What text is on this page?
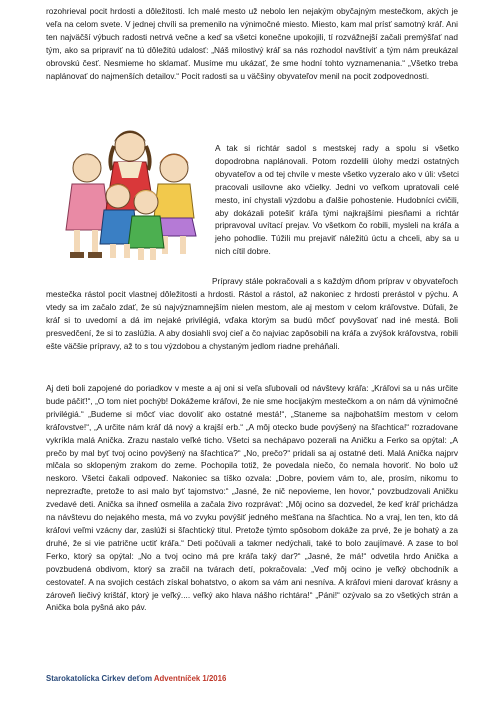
rozohrieval pocit hrdosti a dôležitosti. Ich malé mesto už nebolo len nejakým obyčajným mestečkom, akých je veľa na celom svete. V jednej chvíli sa premenilo na výnimočné miesto. Miesto, kam mal prísť samotný kráľ. Ani ten najväčší výbuch radosti netrvá večne a keď sa všetci konečne upokojili, tí rozvážnejší začali premýšľať nad tým, ako sa pripraviť na tú dôležitú udalosť: „Náš milostivý kráľ sa nás rozhodol navštíviť a tým nám preukázal obrovskú česť. Nesmieme ho sklamať. Musíme mu ukázať, že sme hodní tohto vyznamenania.“ „Všetko treba naplánovať do najmenších detailov.“ Pocit radosti sa u väčšiny obyvateľov menil na pocit zodpovednosti.

A tak si richtár sadol s mestskej rady a spolu si všetko dopodrobna naplánovali. Potom rozdelili úlohy medzi ostatných obyvateľov a od tej chvíle v meste všetko vyzeralo ako v úli: všetci pracovali usilovne ako včielky. Jedni vo veľkom upratovali celé mesto, iní chystali výzdobu a ďalšie pohostenie. Hudobníci cvičili, aby dokázali potešiť kráľa tými najkrajšími piesňami a richtár pripravoval uvítací prejav. Vo všetkom čo robili, mysleli na kráľa a jeho pohodlie. Túžili mu prejaviť náležitú úctu a chceli, aby sa u nich cítil dobre.

Prípravy stále pokračovali a s každým dňom príprav v obyvateľoch mestečka rástol pocit vlastnej dôležitosti a hrdosti. Rástol a rástol, až nakoniec z hrdosti prerástol v pýchu. A vtedy sa im začalo zdať, že sú najvýznamnejším nielen mestom, ale aj mestom v celom kráľovstve. Dúfali, že kráľ si to uvedomí a dá im nejaké privilégiá, vďaka ktorým sa budú môcť povyšovať nad iné mestá. Boli presvedčení, že si to zaslúžia. A aby dosiahli svoj cieľ a čo najviac zapôsobili na kráľa a zvýšok kráľovstva, robili ešte väčšie prípravy, až to s tou výzdobou a chystaným jedlom riadne preháňali.

Aj deti boli zapojené do poriadkov v meste a aj oni si veľa sľubovali od návštevy kráľa: „Kráľovi sa u nás určite bude páčiť!“, „O tom niet pochýb! Dokážeme kráľovi, že nie sme hocijakým mestečkom a on nám dá výnimočné privilégiá.“ „Budeme si môcť viac dovoliť ako ostatné mestá!“, „Staneme sa najbohatším mestom v celom kráľovstve!“, „A určite nám kráľ dá nový a krajší erb.“ „A môj otecko bude povýšený na šľachtica!“ rozradovane vykríkla malá Anička. Zrazu nastalo veľké ticho. Všetci sa nechápavo pozerali na Aničku a Ferko sa opýtal: „A prečo by mal byť tvoj ocino povýšený na šľachtica?“ „No, prečo?“ pridali sa aj ostatné deti. Malá Anička najprv mlčala so sklopeným zrakom do zeme. Pochopila totiž, že povedala niečo, čo nemala hovoriť. No bolo už neskoro. Všetci čakali odpoveď. Nakoniec sa tíško ozvala: „Dobre, poviem vám to, ale, prosím, nikomu to neprezraďte, pretože to asi malo byť tajomstvo:“ „Jasné, že nič nepovieme, len hovor,“ povzbudzovali Aničku zvedavé deti. Anička sa ihneď osmelila a začala živo rozprávať: „Môj ocino sa dozvedel, že keď kráľ prichádza na návštevu do nejakého mesta, má vo zvyku povýšiť jedného mešťana na šľachtica. No a vraj, len ten, kto dá kráľovi veľmi vzácny dar, zaslúži si šľachtický titul. Pretože týmto spôsobom dokáže za prvé, že je bohatý a za druhé, že si vie patrične uctiť kráľa.“ Deti počúvali a takmer nedýchali, také to bolo zaujímavé. A zase to bol Ferko, ktorý sa opýtal: „No a tvoj ocino má pre kráľa taký dar?“ „Jasné, že má!“ odvetila hrdo Anička a povzbudená obdivom, ktorý sa zračil na tvárach detí, pokračovala: „Veď môj ocino je veľký obchodník a cestovateľ. A na svojich cestách získal bohatstvo, o akom sa vám ani nesníva. A kráľovi mieni darovať krásny a zároveň liečivý krištáľ, ktorý je veľký.... veľký ako hlava nášho richtára!“ „Páni!“ ozývalo sa zo všetkých strán a Anička bola pyšná ako páv.

Starokatolícka Cirkev deťom Adventníček 1/2016
